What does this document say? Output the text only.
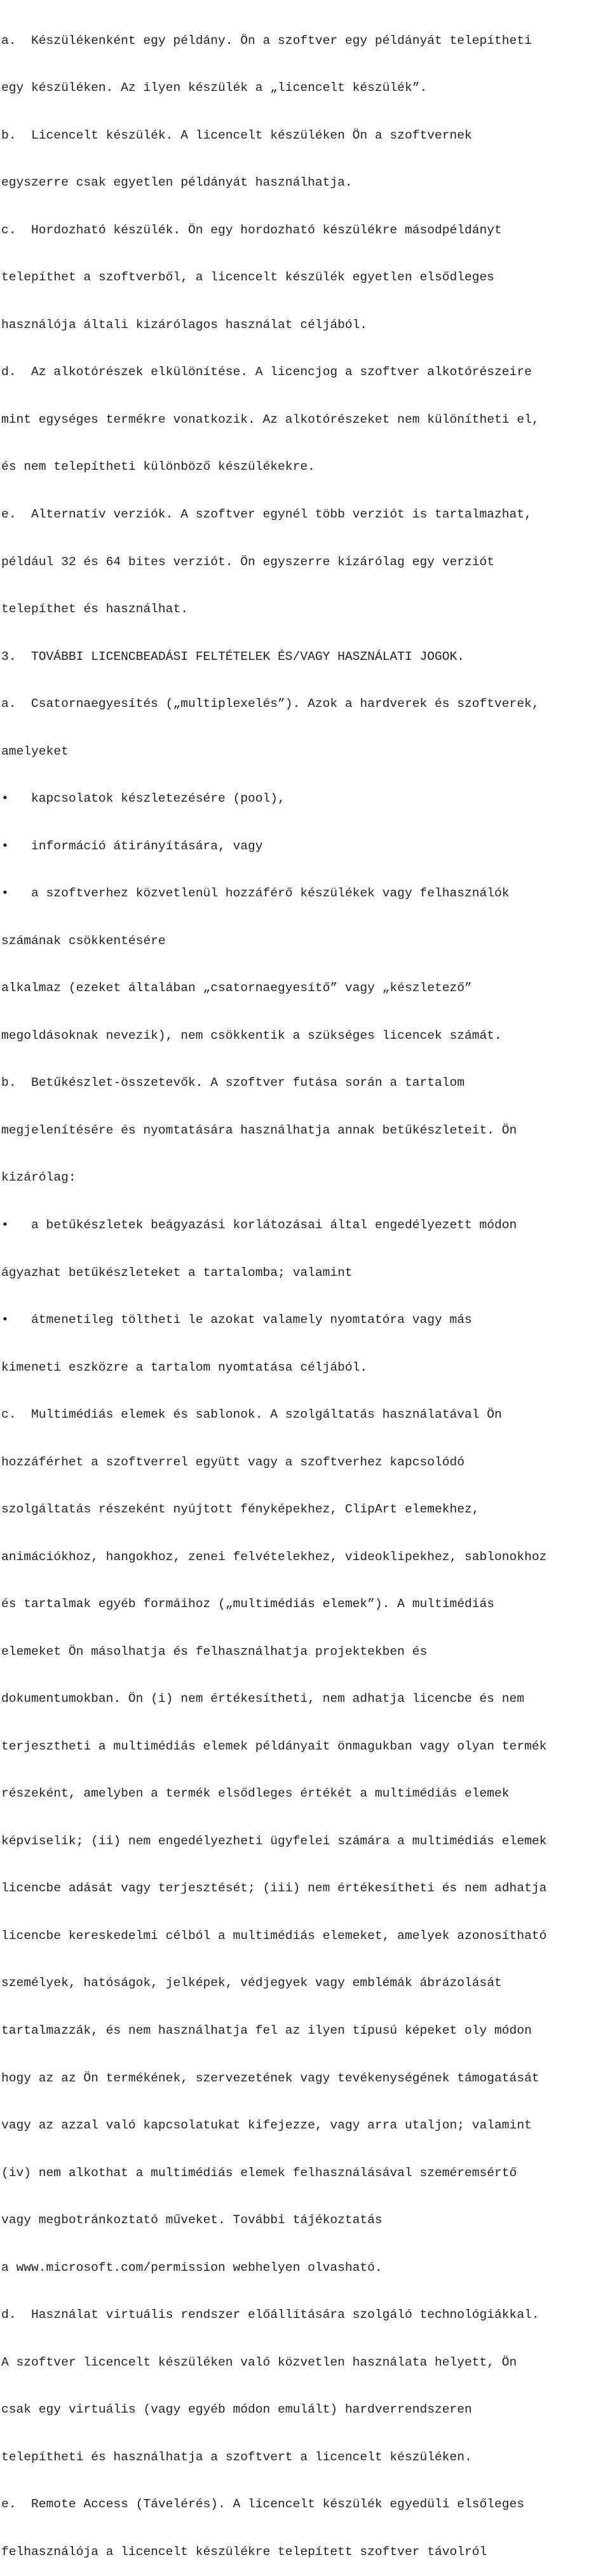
a.  Készülékenként egy példány. Ön a szoftver egy példányát telepítheti

egy készüléken. Az ilyen készülék a „licencelt készülék”.

b.  Licencelt készülék. A licencelt készüléken Ön a szoftvernek

egyszerre csak egyetlen példányát használhatja.

c.  Hordozható készülék. Ön egy hordozható készülékre másodpéldányt

telepíthet a szoftverből, a licencelt készülék egyetlen elsődleges

használója általi kizárólagos használat céljából.

d.  Az alkotórészek elkülönítése. A licencjog a szoftver alkotórészeire

mint egységes termékre vonatkozik. Az alkotórészeket nem különítheti el,

és nem telepítheti különböző készülékekre.

e.  Alternatív verziók. A szoftver egynél több verziót is tartalmazhat,

például 32 és 64 bites verziót. Ön egyszerre kizárólag egy verziót

telepíthet és használhat.

3.  TOVÁBBI LICENCBEADÁSI FELTÉTELEK ÉS/VAGY HASZNÁLATI JOGOK.

a.  Csatornaegyesítés („multiplexelés”). Azok a hardverek és szoftverek,

amelyeket

•   kapcsolatok készletezésére (pool),

•   információ átirányítására, vagy

•   a szoftverhez közvetlenül hozzáférő készülékek vagy felhasználók

számának csökkentésére

alkalmaz (ezeket általában „csatornaegyesítő” vagy „készletező”

megoldásoknak nevezik), nem csökkentik a szükséges licencek számát.

b.  Betűkészlet-összetevők. A szoftver futása során a tartalom

megjelenítésére és nyomtatására használhatja annak betűkészleteit. Ön

kizárólag:

•   a betűkészletek beágyazási korlátozásai által engedélyezett módon

ágyazhat betűkészleteket a tartalomba; valamint

•   átmenetileg töltheti le azokat valamely nyomtatóra vagy más

kimeneti eszközre a tartalom nyomtatása céljából.

c.  Multimédiás elemek és sablonok. A szolgáltatás használatával Ön

hozzáférhet a szoftverrel együtt vagy a szoftverhez kapcsolódó

szolgáltatás részeként nyújtott fényképekhez, ClipArt elemekhez,

animációkhoz, hangokhoz, zenei felvételekhez, videoklipekhez, sablonokhoz

és tartalmak egyéb formáihoz („multimédiás elemek”). A multimédiás

elemeket Ön másolhatja és felhasználhatja projektekben és

dokumentumokban. Ön (i) nem értékesítheti, nem adhatja licencbe és nem

terjesztheti a multimédiás elemek példányait önmagukban vagy olyan termék

részeként, amelyben a termék elsődleges értékét a multimédiás elemek

képviselik; (ii) nem engedélyezheti ügyfelei számára a multimédiás elemek

licencbe adását vagy terjesztését; (iii) nem értékesítheti és nem adhatja

licencbe kereskedelmi célból a multimédiás elemeket, amelyek azonosítható

személyek, hatóságok, jelképek, védjegyek vagy emblémák ábrázolását

tartalmazzák, és nem használhatja fel az ilyen típusú képeket oly módon

hogy az az Ön termékének, szervezetének vagy tevékenységének támogatását

vagy az azzal való kapcsolatukat kifejezze, vagy arra utaljon; valamint

(iv) nem alkothat a multimédiás elemek felhasználásával szeméremsértő

vagy megbotránkoztató műveket. További tájékoztatás

a www.microsoft.com/permission webhelyen olvasható.

d.  Használat virtuális rendszer előállítására szolgáló technológiákkal.

A szoftver licencelt készüléken való közvetlen használata helyett, Ön

csak egy virtuális (vagy egyéb módon emulált) hardverrendszeren

telepítheti és használhatja a szoftvert a licencelt készüléken.

e.  Remote Access (Távelérés). A licencelt készülék egyedüli elsőleges

felhasználója a licencelt készülékre telepített szoftver távolról
